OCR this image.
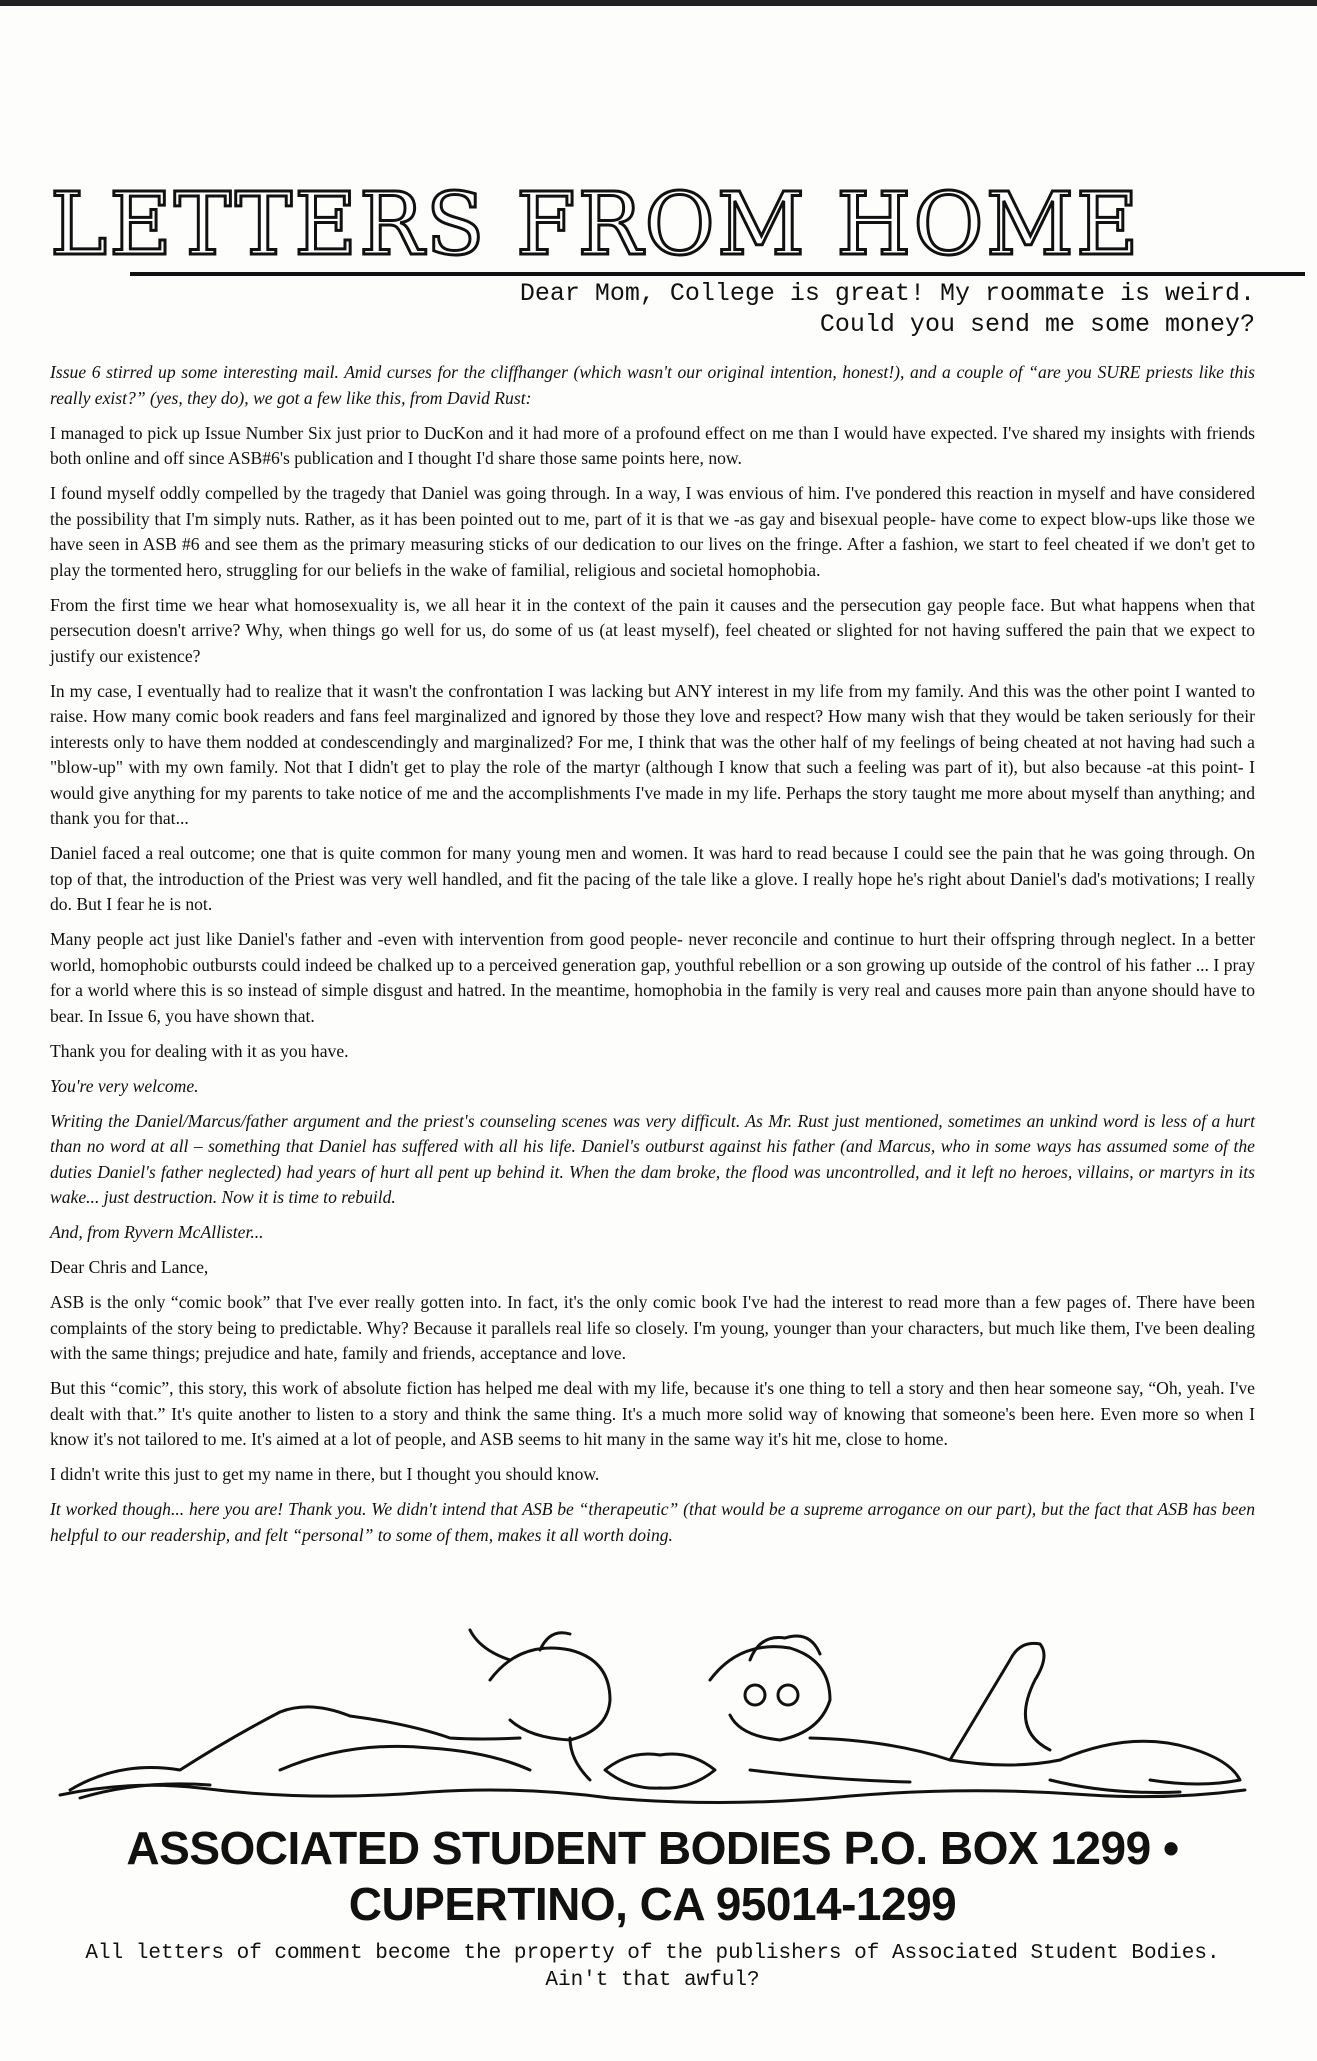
LETTERS FROM HOME
Dear Mom, College is great! My roommate is weird.
Could you send me some money?

Issue 6 stirred up some interesting mail. Amid curses for the cliffhanger (which wasn't our original intention, honest!), and a couple of “are you SURE priests like this really exist?” (yes, they do), we got a few like this, from David Rust:

I managed to pick up Issue Number Six just prior to DucKon and it had more of a profound effect on me than I would have expected. I've shared my insights with friends both online and off since ASB#6's publication and I thought I'd share those same points here, now.

I found myself oddly compelled by the tragedy that Daniel was going through. In a way, I was envious of him. I've pondered this reaction in myself and have considered the possibility that I'm simply nuts. Rather, as it has been pointed out to me, part of it is that we -as gay and bisexual people- have come to expect blow-ups like those we have seen in ASB #6 and see them as the primary measuring sticks of our dedication to our lives on the fringe. After a fashion, we start to feel cheated if we don't get to play the tormented hero, struggling for our beliefs in the wake of familial, religious and societal homophobia.

From the first time we hear what homosexuality is, we all hear it in the context of the pain it causes and the persecution gay people face. But what happens when that persecution doesn't arrive? Why, when things go well for us, do some of us (at least myself), feel cheated or slighted for not having suffered the pain that we expect to justify our existence?

In my case, I eventually had to realize that it wasn't the confrontation I was lacking but ANY interest in my life from my family. And this was the other point I wanted to raise. How many comic book readers and fans feel marginalized and ignored by those they love and respect? How many wish that they would be taken seriously for their interests only to have them nodded at condescendingly and marginalized? For me, I think that was the other half of my feelings of being cheated at not having had such a "blow-up" with my own family. Not that I didn't get to play the role of the martyr (although I know that such a feeling was part of it), but also because -at this point- I would give anything for my parents to take notice of me and the accomplishments I've made in my life. Perhaps the story taught me more about myself than anything; and thank you for that...

Daniel faced a real outcome; one that is quite common for many young men and women. It was hard to read because I could see the pain that he was going through. On top of that, the introduction of the Priest was very well handled, and fit the pacing of the tale like a glove. I really hope he's right about Daniel's dad's motivations; I really do. But I fear he is not.

Many people act just like Daniel's father and -even with intervention from good people- never reconcile and continue to hurt their offspring through neglect. In a better world, homophobic outbursts could indeed be chalked up to a perceived generation gap, youthful rebellion or a son growing up outside of the control of his father ... I pray for a world where this is so instead of simple disgust and hatred. In the meantime, homophobia in the family is very real and causes more pain than anyone should have to bear. In Issue 6, you have shown that.

Thank you for dealing with it as you have.

You're very welcome.

Writing the Daniel/Marcus/father argument and the priest's counseling scenes was very difficult. As Mr. Rust just mentioned, sometimes an unkind word is less of a hurt than no word at all – something that Daniel has suffered with all his life. Daniel's outburst against his father (and Marcus, who in some ways has assumed some of the duties Daniel's father neglected) had years of hurt all pent up behind it. When the dam broke, the flood was uncontrolled, and it left no heroes, villains, or martyrs in its wake... just destruction. Now it is time to rebuild.

And, from Ryvern McAllister...

Dear Chris and Lance,

ASB is the only “comic book” that I've ever really gotten into. In fact, it's the only comic book I've had the interest to read more than a few pages of. There have been complaints of the story being to predictable. Why? Because it parallels real life so closely. I'm young, younger than your characters, but much like them, I've been dealing with the same things; prejudice and hate, family and friends, acceptance and love.

But this “comic”, this story, this work of absolute fiction has helped me deal with my life, because it's one thing to tell a story and then hear someone say, “Oh, yeah. I've dealt with that.” It's quite another to listen to a story and think the same thing. It's a much more solid way of knowing that someone's been here. Even more so when I know it's not tailored to me. It's aimed at a lot of people, and ASB seems to hit many in the same way it's hit me, close to home.

I didn't write this just to get my name in there, but I thought you should know.

It worked though... here you are! Thank you. We didn't intend that ASB be “therapeutic” (that would be a supreme arrogance on our part), but the fact that ASB has been helpful to our readership, and felt “personal” to some of them, makes it all worth doing.

ASSOCIATED STUDENT BODIES P.O. BOX 1299 •
CUPERTINO, CA 95014-1299
All letters of comment become the property of the publishers of Associated Student Bodies. Ain't that awful?
